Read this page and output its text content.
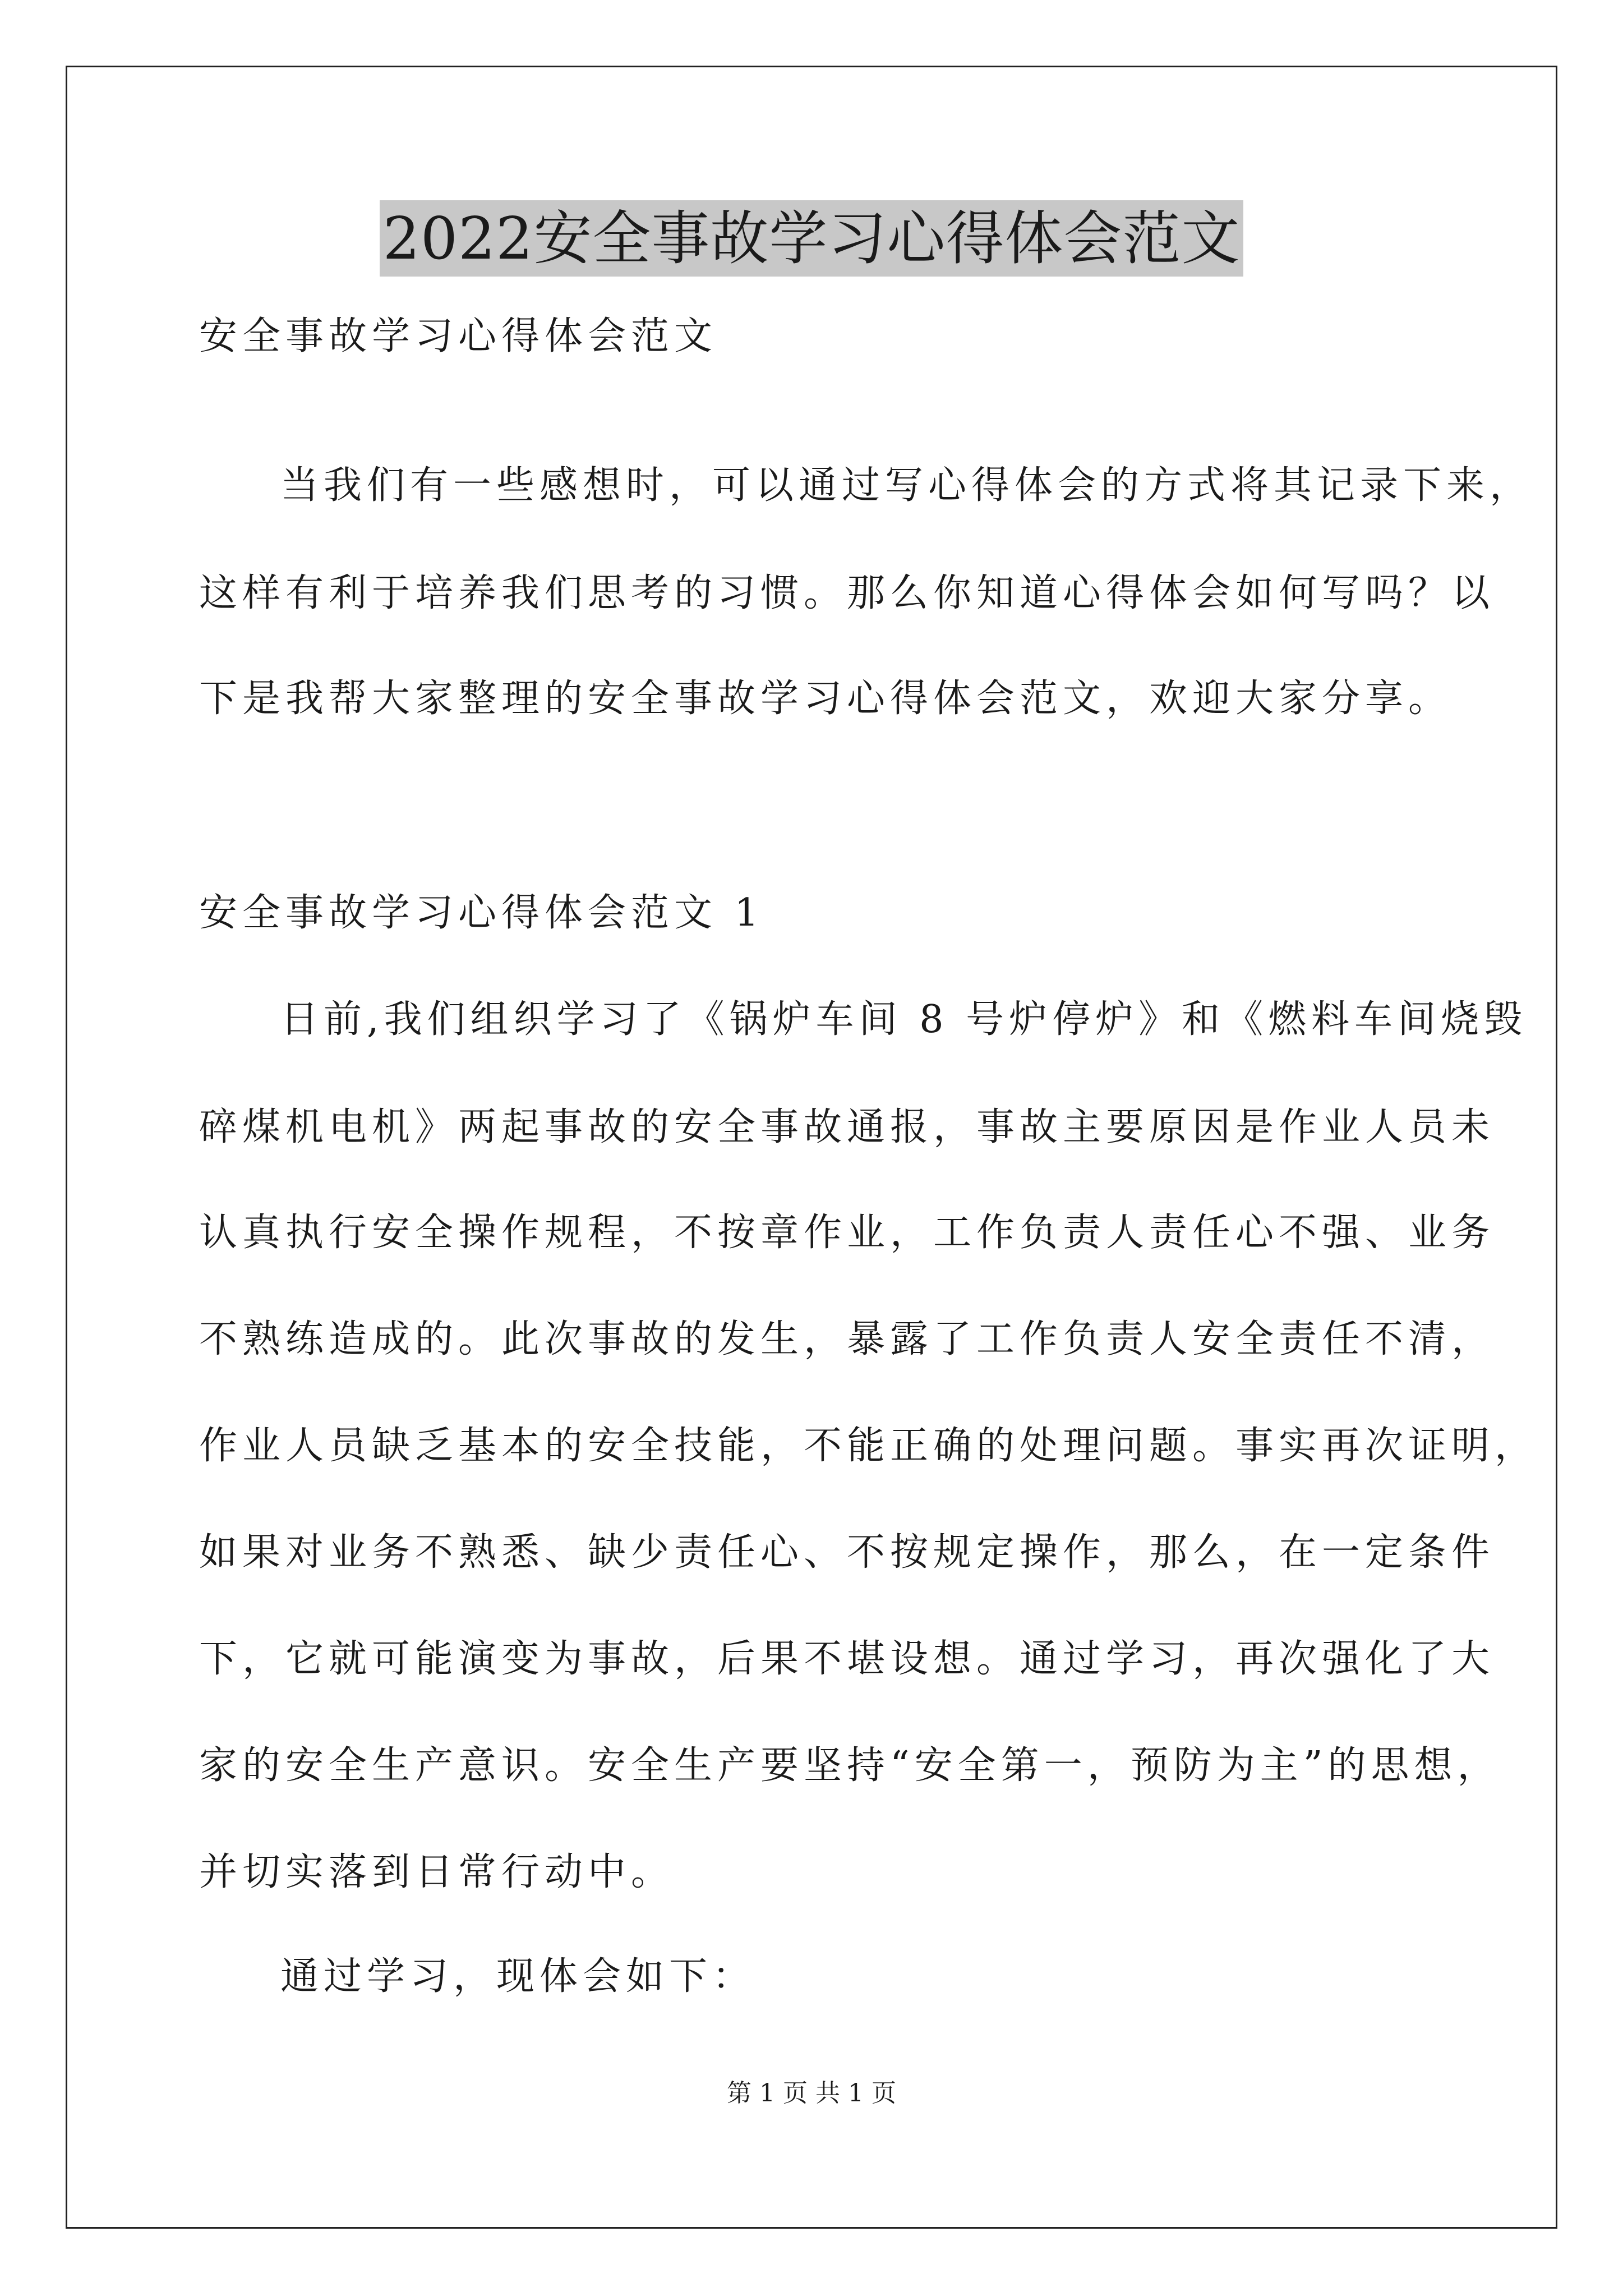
2022安全事故学习心得体会范文
安全事故学习心得体会范文
当我们有一些感想时，可以通过写心得体会的方式将其记录下来，
这样有利于培养我们思考的习惯。那么你知道心得体会如何写吗？以
下是我帮大家整理的安全事故学习心得体会范文，欢迎大家分享。
安全事故学习心得体会范文 1
日前,我们组织学习了《锅炉车间 8 号炉停炉》和《燃料车间烧毁
碎煤机电机》两起事故的安全事故通报，事故主要原因是作业人员未
认真执行安全操作规程，不按章作业，工作负责人责任心不强、业务
不熟练造成的。此次事故的发生，暴露了工作负责人安全责任不清，
作业人员缺乏基本的安全技能，不能正确的处理问题。事实再次证明，
如果对业务不熟悉、缺少责任心、不按规定操作，那么，在一定条件
下，它就可能演变为事故，后果不堪设想。通过学习，再次强化了大
家的安全生产意识。安全生产要坚持“安全第一，预防为主”的思想，
并切实落到日常行动中。
通过学习，现体会如下：
第 1 页 共 1 页
